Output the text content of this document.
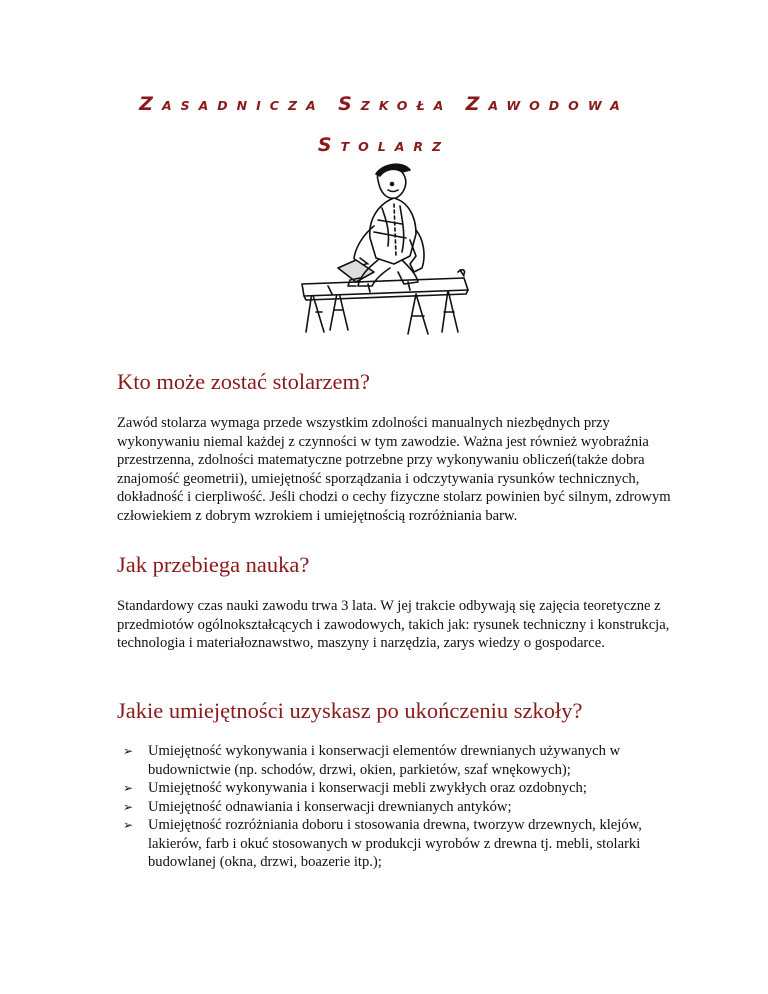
ZASADNICZA SZKOŁA ZAWODOWA
STOLARZ
Kto może zostać stolarzem?

Zawód stolarza wymaga przede wszystkim zdolności manualnych niezbędnych przy wykonywaniu niemal każdej z czynności w tym zawodzie. Ważna jest również wyobraźnia przestrzenna, zdolności matematyczne potrzebne przy wykonywaniu obliczeń(także dobra znajomość geometrii), umiejętność sporządzania i odczytywania rysunków technicznych, dokładność i cierpliwość. Jeśli chodzi o cechy fizyczne stolarz powinien być silnym, zdrowym człowiekiem z dobrym wzrokiem i umiejętnością rozróżniania barw.

Jak przebiega nauka?

Standardowy czas nauki zawodu trwa 3 lata. W jej trakcie odbywają się zajęcia teoretyczne z przedmiotów ogólnokształcących i zawodowych, takich jak: rysunek techniczny i konstrukcja, technologia i materiałoznawstwo, maszyny i narzędzia, zarys wiedzy o gospodarce.

Jakie umiejętności uzyskasz po ukończeniu szkoły?
➢ Umiejętność wykonywania i konserwacji elementów drewnianych używanych w budownictwie (np. schodów, drzwi, okien, parkietów, szaf wnękowych);
➢ Umiejętność wykonywania i konserwacji mebli zwykłych oraz ozdobnych;
➢ Umiejętność odnawiania i konserwacji drewnianych antyków;
➢ Umiejętność rozróżniania doboru i stosowania drewna, tworzyw drzewnych, klejów, lakierów, farb i okuć stosowanych w produkcji wyrobów z drewna tj. mebli, stolarki budowlanej (okna, drzwi, boazerie itp.);
